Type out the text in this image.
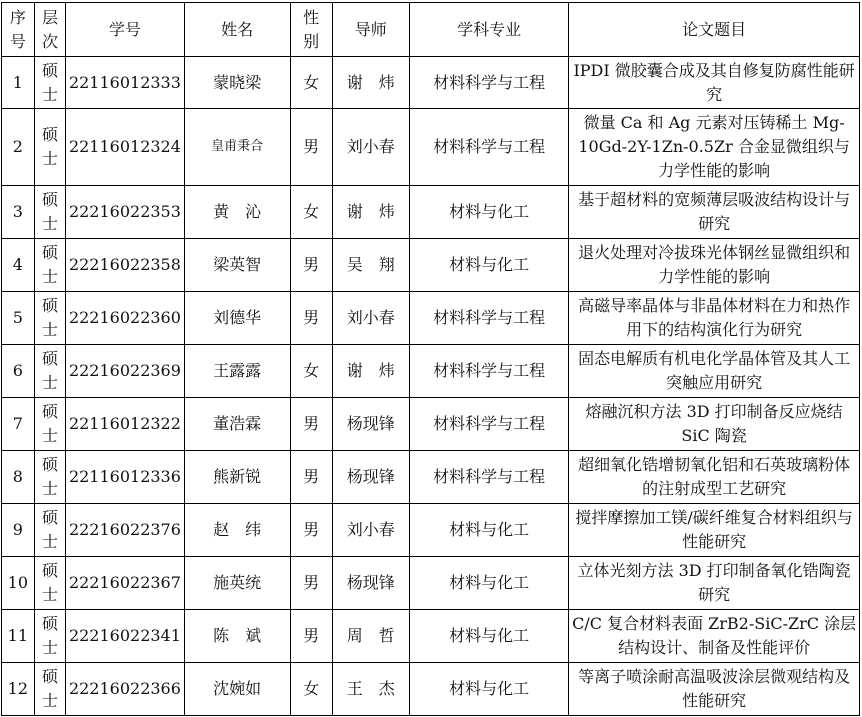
序号	层次	学号	姓名	性别	导师	学科专业	论文题目
1	硕士	22116012333	蒙晓梁	女	谢　炜	材料科学与工程	IPDI 微胶囊合成及其自修复防腐性能研究
2	硕士	22116012324	皇甫秉合	男	刘小春	材料科学与工程	微量 Ca 和 Ag 元素对压铸稀土 Mg-10Gd-2Y-1Zn-0.5Zr 合金显微组织与力学性能的影响
3	硕士	22216022353	黄　沁	女	谢　炜	材料与化工	基于超材料的宽频薄层吸波结构设计与研究
4	硕士	22216022358	梁英智	男	吴　翔	材料与化工	退火处理对冷拔珠光体钢丝显微组织和力学性能的影响
5	硕士	22216022360	刘德华	男	刘小春	材料科学与工程	高磁导率晶体与非晶体材料在力和热作用下的结构演化行为研究
6	硕士	22216022369	王露露	女	谢　炜	材料科学与工程	固态电解质有机电化学晶体管及其人工突触应用研究
7	硕士	22116012322	董浩霖	男	杨现锋	材料科学与工程	熔融沉积方法 3D 打印制备反应烧结 SiC 陶瓷
8	硕士	22116012336	熊新锐	男	杨现锋	材料科学与工程	超细氧化锆增韧氧化铝和石英玻璃粉体的注射成型工艺研究
9	硕士	22216022376	赵　纬	男	刘小春	材料与化工	搅拌摩擦加工镁/碳纤维复合材料组织与性能研究
10	硕士	22216022367	施英统	男	杨现锋	材料与化工	立体光刻方法 3D 打印制备氧化锆陶瓷研究
11	硕士	22216022341	陈　斌	男	周　哲	材料与化工	C/C 复合材料表面 ZrB2-SiC-ZrC 涂层结构设计、制备及性能评价
12	硕士	22216022366	沈婉如	女	王　杰	材料与化工	等离子喷涂耐高温吸波涂层微观结构及性能研究
